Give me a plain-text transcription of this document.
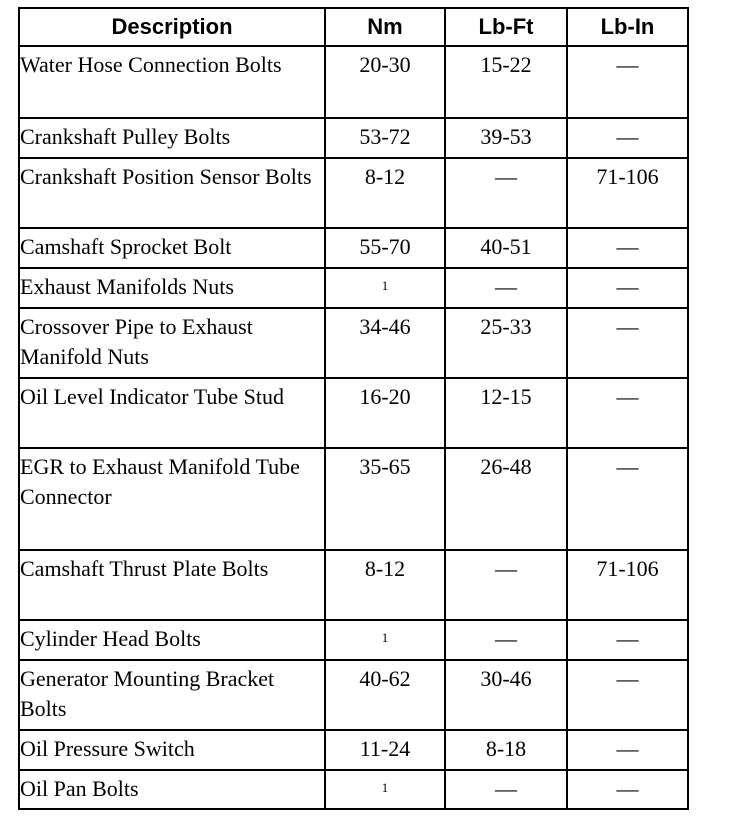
Description	Nm	Lb-Ft	Lb-In
Water Hose Connection Bolts	20-30	15-22	—
Crankshaft Pulley Bolts	53-72	39-53	—
Crankshaft Position Sensor Bolts	8-12	—	71-106
Camshaft Sprocket Bolt	55-70	40-51	—
Exhaust Manifolds Nuts	$^1$	—	—
Crossover Pipe to Exhaust Manifold Nuts	34-46	25-33	—
Oil Level Indicator Tube Stud	16-20	12-15	—
EGR to Exhaust Manifold Tube Connector	35-65	26-48	—
Camshaft Thrust Plate Bolts	8-12	—	71-106
Cylinder Head Bolts	$^1$	—	—
Generator Mounting Bracket Bolts	40-62	30-46	—
Oil Pressure Switch	11-24	8-18	—
Oil Pan Bolts	$^1$	—	—
